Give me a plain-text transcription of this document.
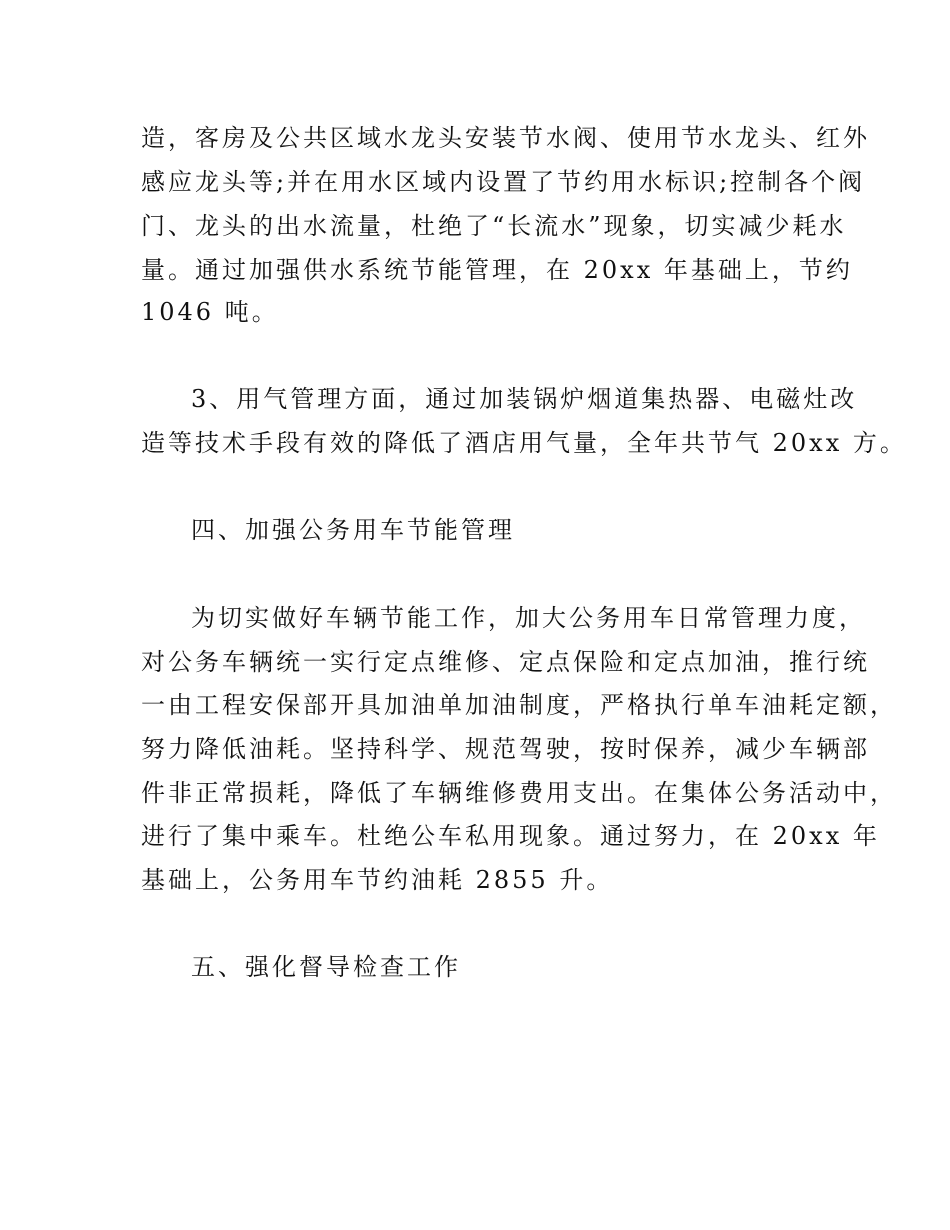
造，客房及公共区域水龙头安装节水阀、使用节水龙头、红外
感应龙头等;并在用水区域内设置了节约用水标识;控制各个阀
门、龙头的出水流量，杜绝了“长流水”现象，切实减少耗水
量。通过加强供水系统节能管理，在 20xx 年基础上，节约
1046 吨。
3、用气管理方面，通过加装锅炉烟道集热器、电磁灶改
造等技术手段有效的降低了酒店用气量，全年共节气 20xx 方。
四、加强公务用车节能管理
为切实做好车辆节能工作，加大公务用车日常管理力度，
对公务车辆统一实行定点维修、定点保险和定点加油，推行统
一由工程安保部开具加油单加油制度，严格执行单车油耗定额，
努力降低油耗。坚持科学、规范驾驶，按时保养，减少车辆部
件非正常损耗，降低了车辆维修费用支出。在集体公务活动中，
进行了集中乘车。杜绝公车私用现象。通过努力，在 20xx 年
基础上，公务用车节约油耗 2855 升。
五、强化督导检查工作
